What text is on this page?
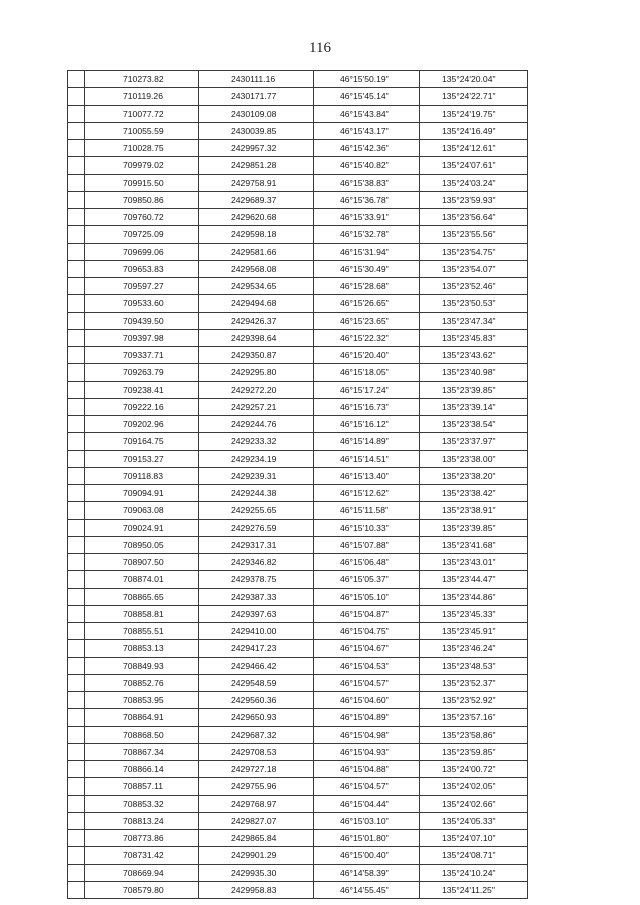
116
	710273.82	2430111.16	46°15'50.19"	135°24'20.04"
	710119.26	2430171.77	46°15'45.14"	135°24'22.71"
	710077.72	2430109.08	46°15'43.84"	135°24'19.75"
	710055.59	2430039.85	46°15'43.17"	135°24'16.49"
	710028.75	2429957.32	46°15'42.36"	135°24'12.61"
	709979.02	2429851.28	46°15'40.82"	135°24'07.61"
	709915.50	2429758.91	46°15'38.83"	135°24'03.24"
	709850.86	2429689.37	46°15'36.78"	135°23'59.93"
	709760.72	2429620.68	46°15'33.91"	135°23'56.64"
	709725.09	2429598.18	46°15'32.78"	135°23'55.56"
	709699.06	2429581.66	46°15'31.94"	135°23'54.75"
	709653.83	2429568.08	46°15'30.49"	135°23'54.07"
	709597.27	2429534.65	46°15'28.68"	135°23'52.46"
	709533.60	2429494.68	46°15'26.65"	135°23'50.53"
	709439.50	2429426.37	46°15'23.65"	135°23'47.34"
	709397.98	2429398.64	46°15'22.32"	135°23'45.83"
	709337.71	2429350.87	46°15'20.40"	135°23'43.62"
	709263.79	2429295.80	46°15'18.05"	135°23'40.98"
	709238.41	2429272.20	46°15'17.24"	135°23'39.85"
	709222.16	2429257.21	46°15'16.73"	135°23'39.14"
	709202.96	2429244.76	46°15'16.12"	135°23'38.54"
	709164.75	2429233.32	46°15'14.89"	135°23'37.97"
	709153.27	2429234.19	46°15'14.51"	135°23'38.00"
	709118.83	2429239.31	46°15'13.40"	135°23'38.20"
	709094.91	2429244.38	46°15'12.62"	135°23'38.42"
	709063.08	2429255.65	46°15'11.58"	135°23'38.91"
	709024.91	2429276.59	46°15'10.33"	135°23'39.85"
	708950.05	2429317.31	46°15'07.88"	135°23'41.68"
	708907.50	2429346.82	46°15'06.48"	135°23'43.01"
	708874.01	2429378.75	46°15'05.37"	135°23'44.47"
	708865.65	2429387.33	46°15'05.10"	135°23'44.86"
	708858.81	2429397.63	46°15'04.87"	135°23'45.33"
	708855.51	2429410.00	46°15'04.75"	135°23'45.91"
	708853.13	2429417.23	46°15'04.67"	135°23'46.24"
	708849.93	2429466.42	46°15'04.53"	135°23'48.53"
	708852.76	2429548.59	46°15'04.57"	135°23'52.37"
	708853.95	2429560.36	46°15'04.60"	135°23'52.92"
	708864.91	2429650.93	46°15'04.89"	135°23'57.16"
	708868.50	2429687.32	46°15'04.98"	135°23'58.86"
	708867.34	2429708.53	46°15'04.93"	135°23'59.85"
	708866.14	2429727.18	46°15'04.88"	135°24'00.72"
	708857.11	2429755.96	46°15'04.57"	135°24'02.05"
	708853.32	2429768.97	46°15'04.44"	135°24'02.66"
	708813.24	2429827.07	46°15'03.10"	135°24'05.33"
	708773.86	2429865.84	46°15'01.80"	135°24'07.10"
	708731.42	2429901.29	46°15'00.40"	135°24'08.71"
	708669.94	2429935.30	46°14'58.39"	135°24'10.24"
	708579.80	2429958.83	46°14'55.45"	135°24'11.25"
